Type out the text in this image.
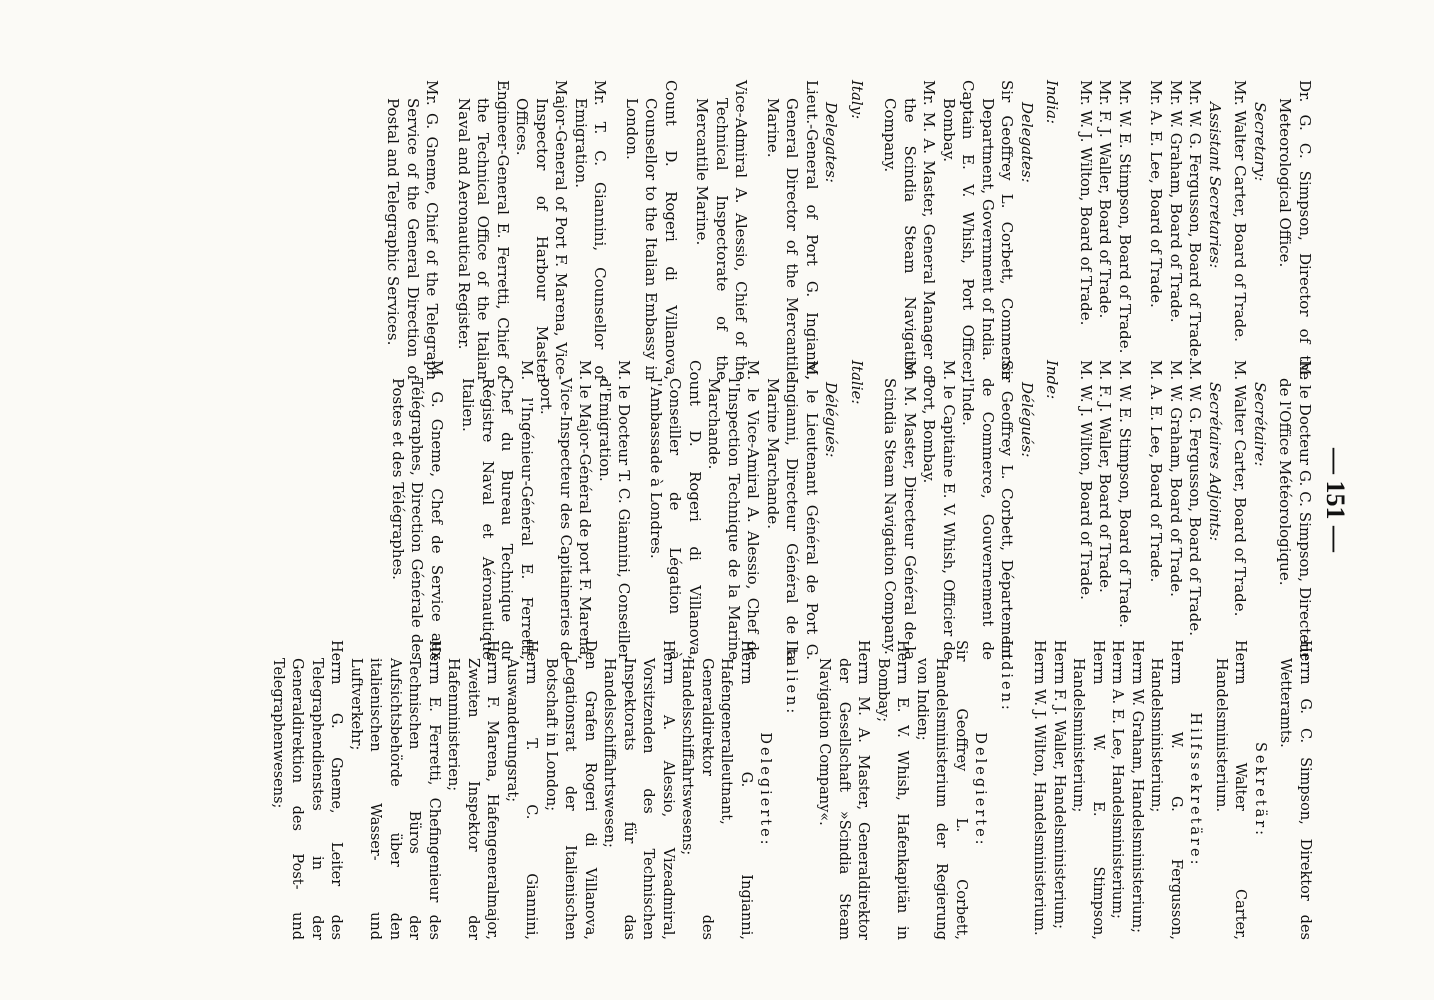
— 151 —

Dr. G. C. Simpson, Director of the Meteorological Office.

Secretary:

Mr. Walter Carter, Board of Trade.

Assistant Secretaries:

Mr. W. G. Fergusson, Board of Trade.

Mr. W. Graham, Board of Trade.

Mr. A. E. Lee, Board of Trade.

Mr. W. E. Stimpson, Board of Trade.

Mr. F. J. Waller, Board of Trade.

Mr. W. J. Wilton, Board of Trade.

India:

Delegates:

Sir Geoffrey L. Corbett, Commerce Department, Government of India.

Captain E. V. Whish, Port Officer, Bombay.

Mr. M. A. Master, General Manager of the Scindia Steam Navigation Company.

Italy:

Delegates:

Lieut.-General of Port G. Ingianni, General Director of the Mercantile Marine.

Vice-Admiral A. Alessio, Chief of the Technical Inspectorate of the Mercantile Marine.

Count D. Rogeri di Villanova, Counsellor to the Italian Embassy in London.

Mr. T. C. Giannini, Counsellor of Emigration.

Major-General of Port F. Marena, Vice-Inspector of Harbour Master Offices.

Engineer-General E. Ferretti, Chief of the Technical Office of the Italian Naval and Aeronautical Register.

Mr. G. Gneme, Chief of the Telegraph Service of the General Direction of Postal and Telegraphic Services.

M. le Docteur G. C. Simpson, Directeur de l'Office Météorologique.

Secrétaire:

M. Walter Carter, Board of Trade.

Secrétaires Adjoints:

M. W. G. Fergusson, Board of Trade.

M. W. Graham, Board of Trade.

M. A. E. Lee, Board of Trade.

M. W. E. Stimpson, Board of Trade.

M. F. J. Waller, Board of Trade.

M. W. J. Wilton, Board of Trade.

Inde:

Délégués:

Sir Geoffrey L. Corbett, Département de Commerce, Gouvernement de l'Inde.

M. le Capitaine E. V. Whish, Officier de Port, Bombay.

M. M. Master, Directeur Général de la Scindia Steam Navigation Company.

Italie:

Délégués:

M. le Lieutenant Général de Port G. Ingianni, Directeur Général de la Marine Marchande.

M. le Vice-Amiral A. Alessio, Chef de l'Inspection Technique de la Marine Marchande.

Count D. Rogeri di Villanova, Conseiller de Légation à l'Ambassade à Londres.

M. le Docteur T. C. Giannini, Conseiller d'Emigration.

M. le Major-Général de port F. Marena, Vice-Inspecteur des Capitaineries de port.

M. l'Ingénieur-Général E. Ferretti, Chef du Bureau Technique du Régistre Naval et Aéronautique Italien.

M. G. Gneme, Chef de Service aux Télégraphes, Direction Générale des Postes et des Télégraphes.

Herrn G. C. Simpson, Direktor des Wetteramts.

Sekretär:

Herrn Walter Carter, Handelsministerium.

Hilfssekretäre:

Herrn W. G. Fergusson, Handelsministerium;

Herrn W. Graham, Handelsministerium;

Herrn A. E. Lee, Handelsministerium;

Herrn W. E. Stimpson, Handelsministerium;

Herrn F. J. Waller, Handelsministerium;

Herrn W. J. Wilton, Handelsministerium.

Indien:

Delegierte:

Sir Geoffrey L. Corbett, Handelsministerium der Regierung von Indien;

Herrn E. V. Whish, Hafenkapitän in Bombay;

Herrn M. A. Master, Generaldirektor der Gesellschaft »Scindia Steam Navigation Company«.

Italien:

Delegierte:

Herrn G. Ingianni, Hafengeneralleutnant, Generaldirektor des Handelsschiffahrtswesens;

Herrn A. Alessio, Vizeadmiral, Vorsitzenden des Technischen Inspektorats für das Handelsschiffahrtswesen;

Den Grafen Rogeri di Villanova, Legationsrat der Italienischen Botschaft in London;

Herrn T. C. Giannini, Auswanderungsrat;

Herrn F. Marena, Hafengeneralmajor, Zweiten Inspektor der Hafenministerien;

Herrn E. Ferretti, Chefingenieur des Technischen Büros der Aufsichtsbehörde über den italienischen Wasser- und Luftverkehr;

Herrn G. Gneme, Leiter des Telegraphendienstes in der Generaldirektion des Post- und Telegraphenwesens;
